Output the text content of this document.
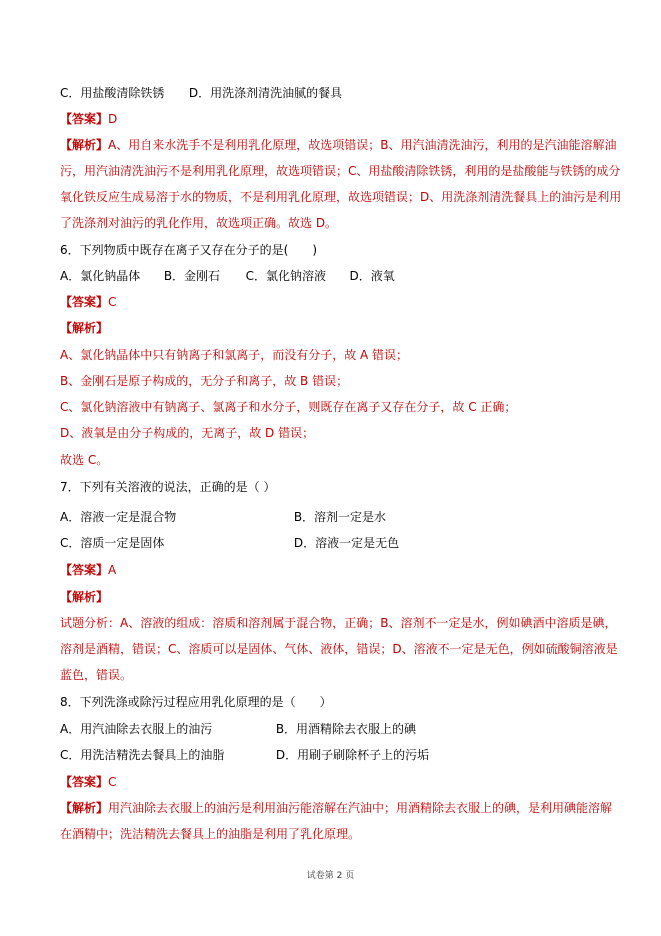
C．用盐酸清除铁锈 D．用洗涤剂清洗油腻的餐具
【答案】D
【解析】A、用自来水洗手不是利用乳化原理，故选项错误；B、用汽油清洗油污，利用的是汽油能溶解油
污，用汽油清洗油污不是利用乳化原理，故选项错误；C、用盐酸清除铁锈，利用的是盐酸能与铁锈的成分
氧化铁反应生成易溶于水的物质，不是利用乳化原理，故选项错误；D、用洗涤剂清洗餐具上的油污是利用
了洗涤剂对油污的乳化作用，故选项正确。故选 D。
6．下列物质中既存在离子又存在分子的是(　　)
A．氯化钠晶体 B．金刚石 C．氯化钠溶液 D．液氧
【答案】C
【解析】
A、氯化钠晶体中只有钠离子和氯离子，而没有分子，故 A 错误；
B、金刚石是原子构成的，无分子和离子，故 B 错误；
C、氯化钠溶液中有钠离子、氯离子和水分子，则既存在离子又存在分子，故 C 正确；
D、液氧是由分子构成的，无离子，故 D 错误；
故选 C。
7．下列有关溶液的说法，正确的是（ ）
A．溶液一定是混合物	B．溶剂一定是水
C．溶质一定是固体	D．溶液一定是无色
【答案】A
【解析】
试题分析：A、溶液的组成：溶质和溶剂属于混合物，正确；B、溶剂不一定是水，例如碘酒中溶质是碘，
溶剂是酒精，错误；C、溶质可以是固体、气体、液体，错误；D、溶液不一定是无色，例如硫酸铜溶液是
蓝色，错误。
8．下列洗涤或除污过程应用乳化原理的是（　　）
A．用汽油除去衣服上的油污	B．用酒精除去衣服上的碘
C．用洗洁精洗去餐具上的油脂	D．用刷子刷除杯子上的污垢
【答案】C
【解析】用汽油除去衣服上的油污是利用油污能溶解在汽油中；用酒精除去衣服上的碘，是利用碘能溶解
在酒精中；洗洁精洗去餐具上的油脂是利用了乳化原理。
试卷第 2 页
